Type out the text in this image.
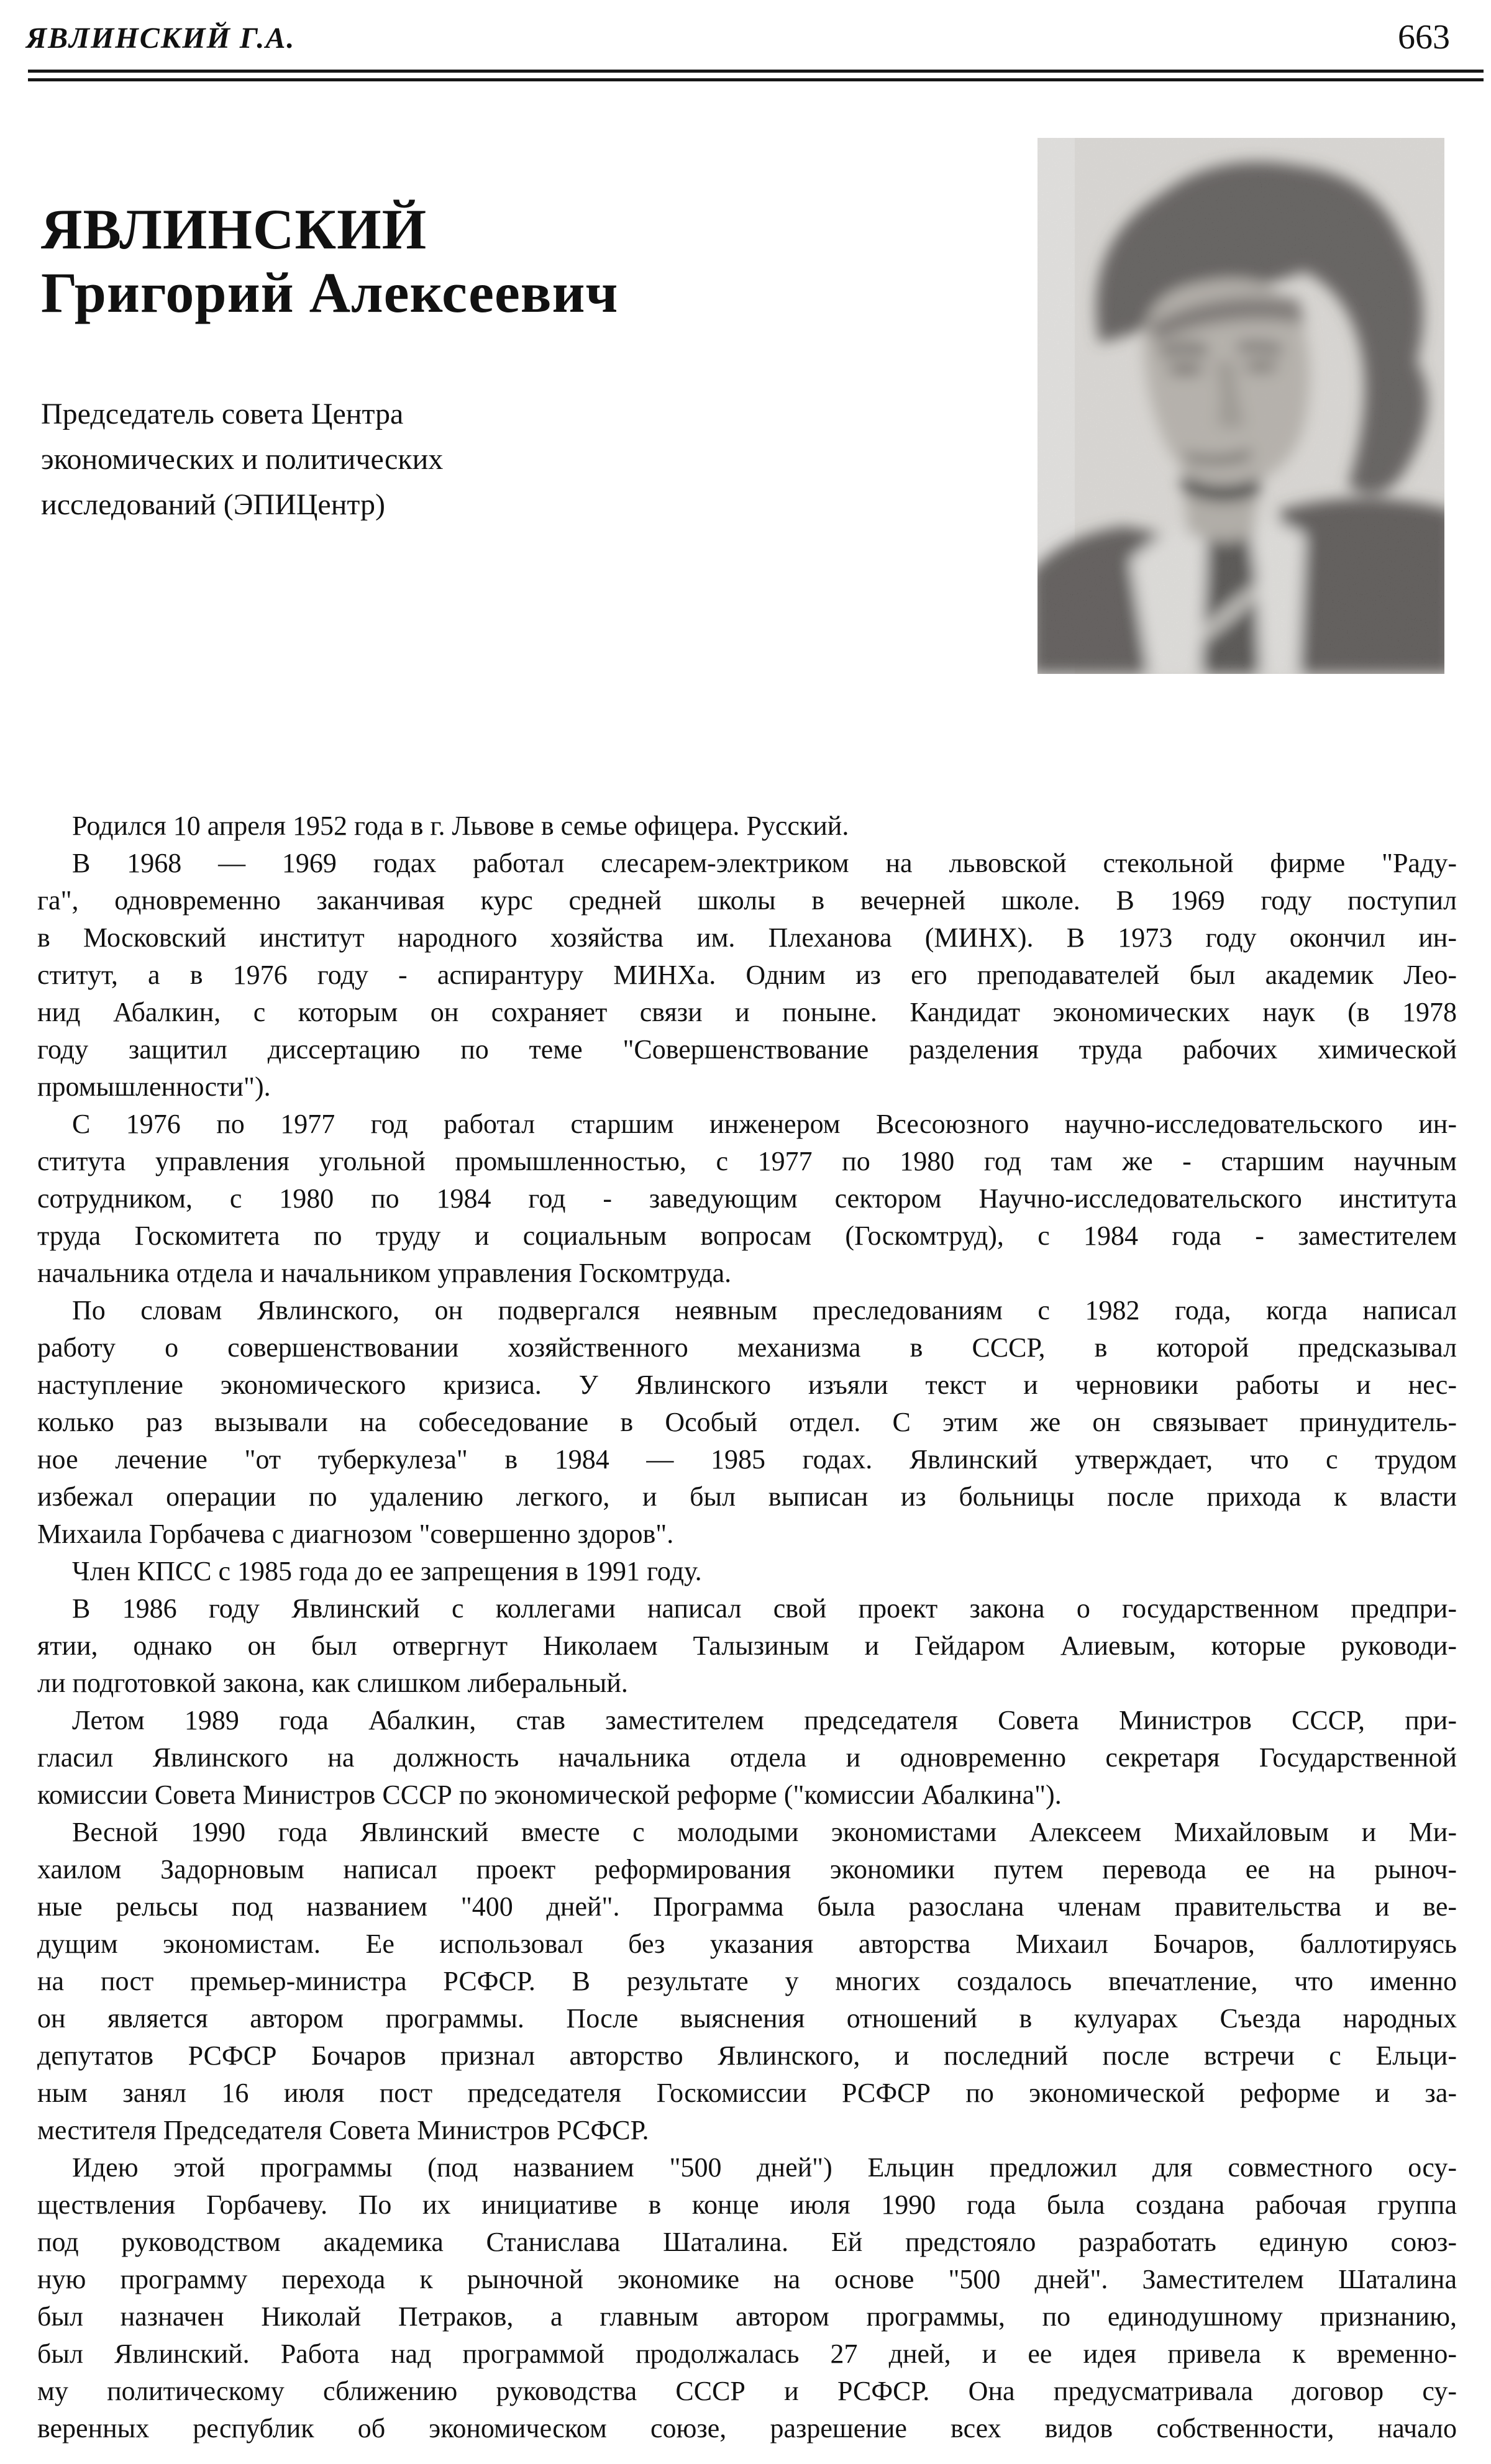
ЯВЛИНСКИЙ Г.А.	663
ЯВЛИНСКИЙ
Григорий Алексеевич
Председатель совета Центра
экономических и политических
исследований (ЭПИЦентр)
Родился 10 апреля 1952 года в г. Львове в семье офицера. Русский.
В 1968 — 1969 годах работал слесарем-электриком на львовской стекольной фирме "Раду-
га", одновременно заканчивая курс средней школы в вечерней школе. В 1969 году поступил
в Московский институт народного хозяйства им. Плеханова (МИНХ). В 1973 году окончил ин-
ститут, а в 1976 году - аспирантуру МИНХа. Одним из его преподавателей был академик Лео-
нид Абалкин, с которым он сохраняет связи и поныне. Кандидат экономических наук (в 1978
году защитил диссертацию по теме "Совершенствование разделения труда рабочих химической
промышленности").
С 1976 по 1977 год работал старшим инженером Всесоюзного научно-исследовательского ин-
ститута управления угольной промышленностью, с 1977 по 1980 год там же - старшим научным
сотрудником, с 1980 по 1984 год - заведующим сектором Научно-исследовательского института
труда Госкомитета по труду и социальным вопросам (Госкомтруд), с 1984 года - заместителем
начальника отдела и начальником управления Госкомтруда.
По словам Явлинского, он подвергался неявным преследованиям с 1982 года, когда написал
работу о совершенствовании хозяйственного механизма в СССР, в которой предсказывал
наступление экономического кризиса. У Явлинского изъяли текст и черновики работы и нес-
колько раз вызывали на собеседование в Особый отдел. С этим же он связывает принудитель-
ное лечение "от туберкулеза" в 1984 — 1985 годах. Явлинский утверждает, что с трудом
избежал операции по удалению легкого, и был выписан из больницы после прихода к власти
Михаила Горбачева с диагнозом "совершенно здоров".
Член КПСС с 1985 года до ее запрещения в 1991 году.
В 1986 году Явлинский с коллегами написал свой проект закона о государственном предпри-
ятии, однако он был отвергнут Николаем Талызиным и Гейдаром Алиевым, которые руководи-
ли подготовкой закона, как слишком либеральный.
Летом 1989 года Абалкин, став заместителем председателя Совета Министров СССР, при-
гласил Явлинского на должность начальника отдела и одновременно секретаря Государственной
комиссии Совета Министров СССР по экономической реформе ("комиссии Абалкина").
Весной 1990 года Явлинский вместе с молодыми экономистами Алексеем Михайловым и Ми-
хаилом Задорновым написал проект реформирования экономики путем перевода ее на рыноч-
ные рельсы под названием "400 дней". Программа была разослана членам правительства и ве-
дущим экономистам. Ее использовал без указания авторства Михаил Бочаров, баллотируясь
на пост премьер-министра РСФСР. В результате у многих создалось впечатление, что именно
он является автором программы. После выяснения отношений в кулуарах Съезда народных
депутатов РСФСР Бочаров признал авторство Явлинского, и последний после встречи с Ельци-
ным занял 16 июля пост председателя Госкомиссии РСФСР по экономической реформе и за-
местителя Председателя Совета Министров РСФСР.
Идею этой программы (под названием "500 дней") Ельцин предложил для совместного осу-
ществления Горбачеву. По их инициативе в конце июля 1990 года была создана рабочая группа
под руководством академика Станислава Шаталина. Ей предстояло разработать единую союз-
ную программу перехода к рыночной экономике на основе "500 дней". Заместителем Шаталина
был назначен Николай Петраков, а главным автором программы, по единодушному признанию,
был Явлинский. Работа над программой продолжалась 27 дней, и ее идея привела к временно-
му политическому сближению руководства СССР и РСФСР. Она предусматривала договор су-
веренных республик об экономическом союзе, разрешение всех видов собственности, начало
